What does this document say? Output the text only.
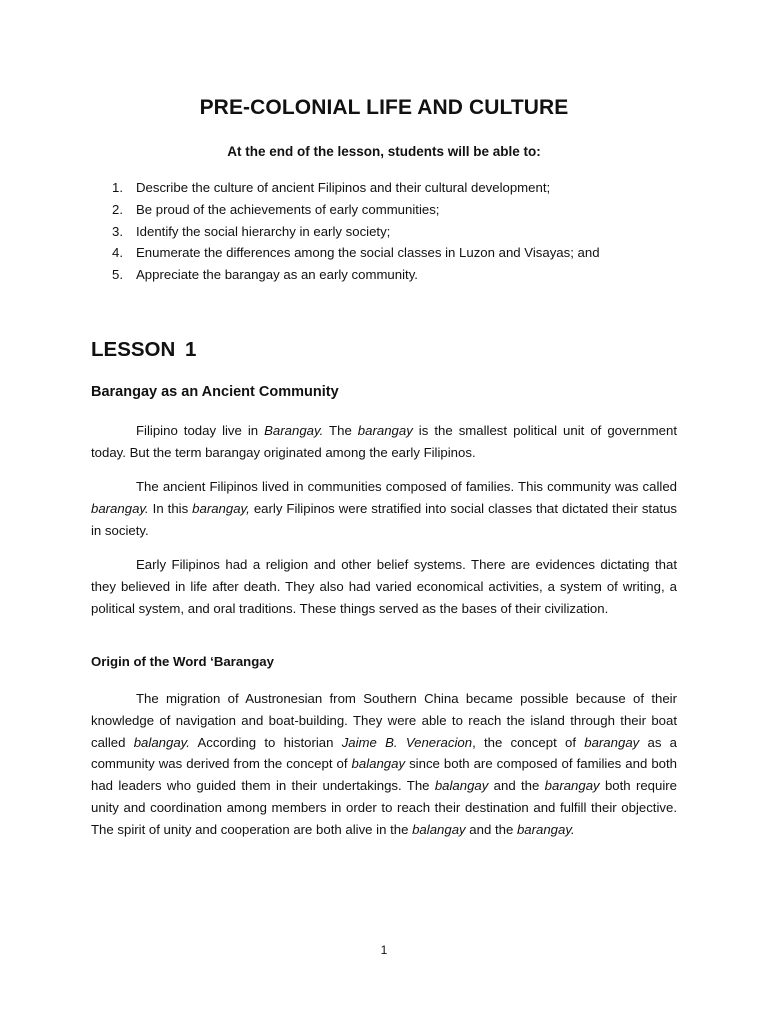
PRE-COLONIAL LIFE AND CULTURE

At the end of the lesson, students will be able to:

1. Describe the culture of ancient Filipinos and their cultural development;
2. Be proud of the achievements of early communities;
3. Identify the social hierarchy in early society;
4. Enumerate the differences among the social classes in Luzon and Visayas; and
5. Appreciate the barangay as an early community.
LESSON 1
Barangay as an Ancient Community

Filipino today live in Barangay. The barangay is the smallest political unit of government today. But the term barangay originated among the early Filipinos.

The ancient Filipinos lived in communities composed of families. This community was called barangay. In this barangay, early Filipinos were stratified into social classes that dictated their status in society.

Early Filipinos had a religion and other belief systems. There are evidences dictating that they believed in life after death. They also had varied economical activities, a system of writing, a political system, and oral traditions. These things served as the bases of their civilization.

Origin of the Word ‘Barangay

The migration of Austronesian from Southern China became possible because of their knowledge of navigation and boat-building. They were able to reach the island through their boat called balangay. According to historian Jaime B. Veneracion, the concept of barangay as a community was derived from the concept of balangay since both are composed of families and both had leaders who guided them in their undertakings. The balangay and the barangay both require unity and coordination among members in order to reach their destination and fulfill their objective. The spirit of unity and cooperation are both alive in the balangay and the barangay.

1
